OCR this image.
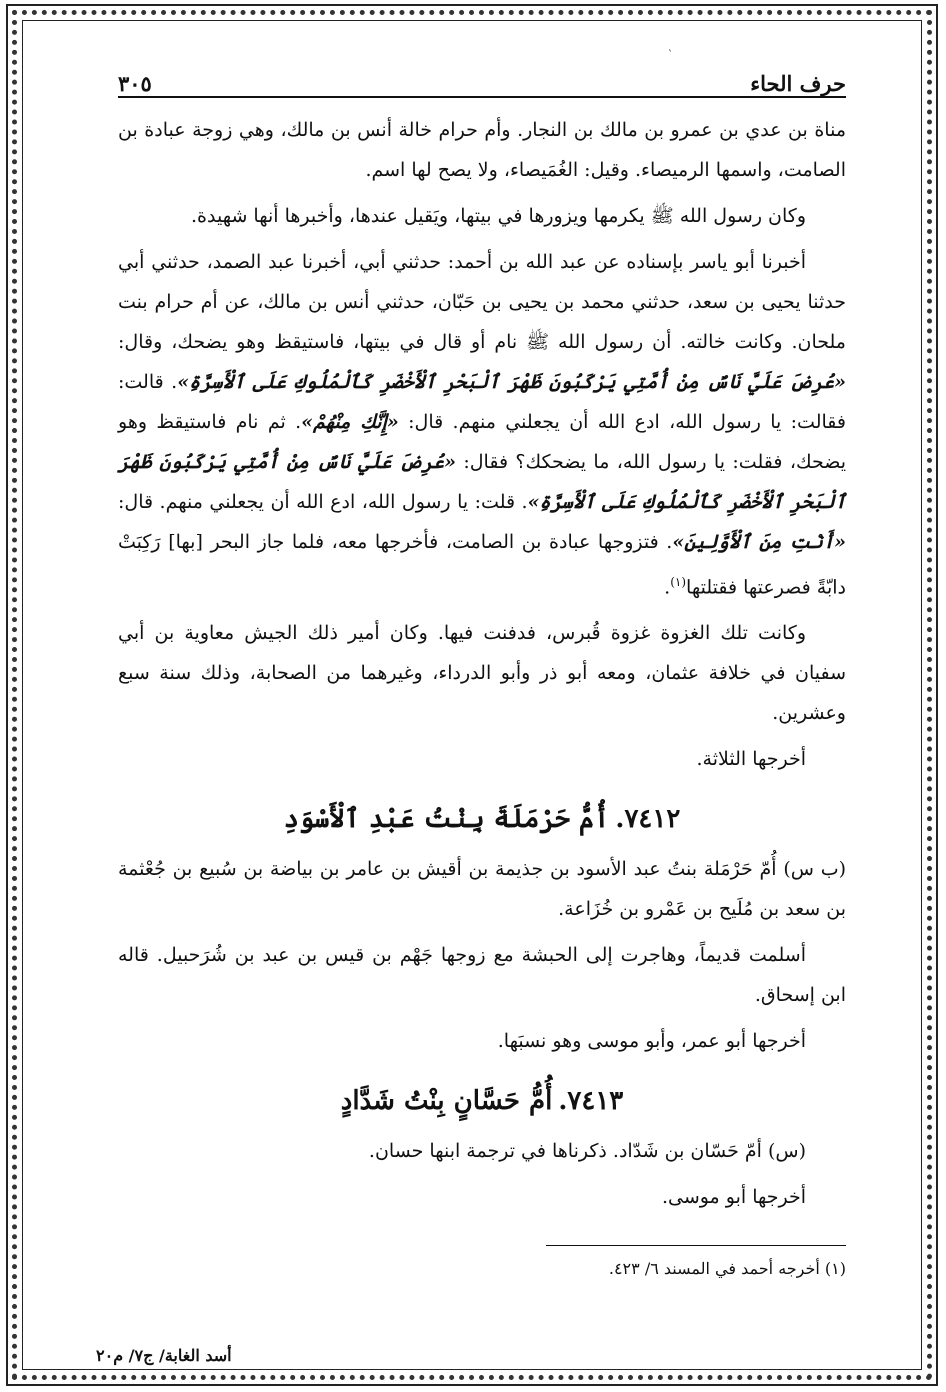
ˋ
حرف الحاء
٣٠٥

مناة بن عدي بن عمرو بن مالك بن النجار. وأم حرام خالة أنس بن مالك، وهي زوجة عبادة بن الصامت، واسمها الرميصاء. وقيل: الغُمَيصاء، ولا يصح لها اسم.

وكان رسول الله ﷺ يكرمها ويزورها في بيتها، ويَقيل عندها، وأخبرها أنها شهيدة.

أخبرنا أبو ياسر بإسناده عن عبد الله بن أحمد: حدثني أبي، أخبرنا عبد الصمد، حدثني أبي حدثنا يحيى بن سعد، حدثني محمد بن يحيى بن حَبّان، حدثني أنس بن مالك، عن أم حرام بنت ملحان. وكانت خالته. أن رسول الله ﷺ نام أو قال في بيتها، فاستيقظ وهو يضحك، وقال: «عُرِضَ عَلَيَّ نَاسٌ مِنْ أُمَّتِي يَرْكَبُونَ ظَهْرَ ٱلْبَحْرِ ٱلْأَخْضَرِ كَٱلْمُلُوكِ عَلَى ٱلْأَسِرَّةِ». قالت: فقالت: يا رسول الله، ادع الله أن يجعلني منهم. قال: «إِنَّكِ مِنْهُمْ». ثم نام فاستيقظ وهو يضحك، فقلت: يا رسول الله، ما يضحكك؟ فقال: «عُرِضَ عَلَيَّ نَاسٌ مِنْ أُمَّتِي يَرْكَبُونَ ظَهْرَ ٱلْبَحْرِ ٱلْأَخْضَرِ كَٱلْمُلُوكِ عَلَى ٱلْأَسِرَّةِ». قلت: يا رسول الله، ادع الله أن يجعلني منهم. قال: «أَنْتِ مِنَ ٱلْأَوَّلِينَ». فتزوجها عبادة بن الصامت، فأخرجها معه، فلما جاز البحر [بها] رَكِبَتْ دابّةً فصرعتها فقتلتها$^{(١)}$.

وكانت تلك الغزوة غزوة قُبرس، فدفنت فيها. وكان أمير ذلك الجيش معاوية بن أبي سفيان في خلافة عثمان، ومعه أبو ذر وأبو الدرداء، وغيرهما من الصحابة، وذلك سنة سبع وعشرين.

أخرجها الثلاثة.

٧٤١٢.أُمُّ حَرْمَلَةَ بِنْتُ عَبْدِ ٱلْأَسْوَدِ

(ب س) أُمّ حَرْمَلة بنتُ عبد الأسود بن جذيمة بن أقيش بن عامر بن بياضة بن سُبيع بن جُعْثمة بن سعد بن مُلَيح بن عَمْرو بن خُزَاعة.

أسلمت قديماً، وهاجرت إلى الحبشة مع زوجها جَهْم بن قيس بن عبد بن شُرَحبيل. قاله ابن إسحاق.

أخرجها أبو عمر، وأبو موسى وهو نسبَها.

٧٤١٣.أُمُّ حَسَّانٍ بِنْتُ شَدَّادٍ

(س) أمّ حَسّان بن شَدّاد. ذكرناها في ترجمة ابنها حسان.

أخرجها أبو موسى.

(١) أخرجه أحمد في المسند ٦/ ٤٢٣.
أسد الغابة/ ج٧/ م٢٠
